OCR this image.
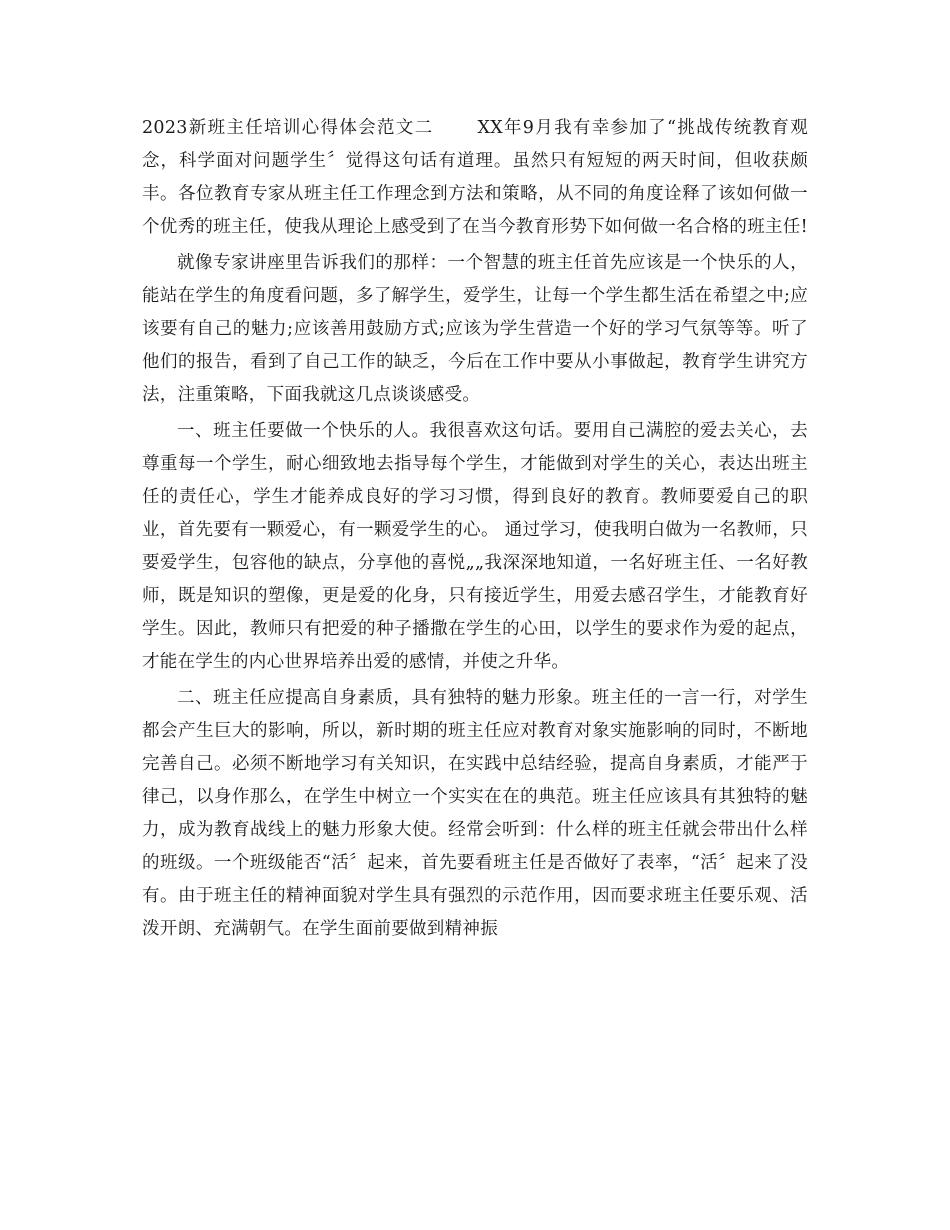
2023新班主任培训心得体会范文二	XX年9月我有幸参加了“挑战传统教育观念，科学面对问题学生〞觉得这句话有道理。虽然只有短短的两天时间，但收获颇丰。各位教育专家从班主任工作理念到方法和策略，从不同的角度诠释了该如何做一个优秀的班主任，使我从理论上感受到了在当今教育形势下如何做一名合格的班主任!

就像专家讲座里告诉我们的那样：一个智慧的班主任首先应该是一个快乐的人，能站在学生的角度看问题，多了解学生，爱学生，让每一个学生都生活在希望之中;应该要有自己的魅力;应该善用鼓励方式;应该为学生营造一个好的学习气氛等等。听了他们的报告，看到了自己工作的缺乏，今后在工作中要从小事做起，教育学生讲究方法，注重策略，下面我就这几点谈谈感受。

一、班主任要做一个快乐的人。我很喜欢这句话。要用自己满腔的爱去关心，去尊重每一个学生，耐心细致地去指导每个学生，才能做到对学生的关心，表达出班主任的责任心，学生才能养成良好的学习习惯，得到良好的教育。教师要爱自己的职业，首先要有一颗爱心，有一颗爱学生的心。 通过学习，使我明白做为一名教师，只要爱学生，包容他的缺点，分享他的喜悦„„我深深地知道，一名好班主任、一名好教师，既是知识的塑像，更是爱的化身，只有接近学生，用爱去感召学生，才能教育好学生。因此，教师只有把爱的种子播撒在学生的心田，以学生的要求作为爱的起点，才能在学生的内心世界培养出爱的感情，并使之升华。

二、班主任应提高自身素质，具有独特的魅力形象。班主任的一言一行，对学生都会产生巨大的影响，所以，新时期的班主任应对教育对象实施影响的同时，不断地完善自己。必须不断地学习有关知识，在实践中总结经验，提高自身素质，才能严于律己，以身作那么，在学生中树立一个实实在在的典范。班主任应该具有其独特的魅力，成为教育战线上的魅力形象大使。经常会听到：什么样的班主任就会带出什么样的班级。一个班级能否“活〞起来，首先要看班主任是否做好了表率，“活〞起来了没有。由于班主任的精神面貌对学生具有强烈的示范作用，因而要求班主任要乐观、活泼开朗、充满朝气。在学生面前要做到精神振
